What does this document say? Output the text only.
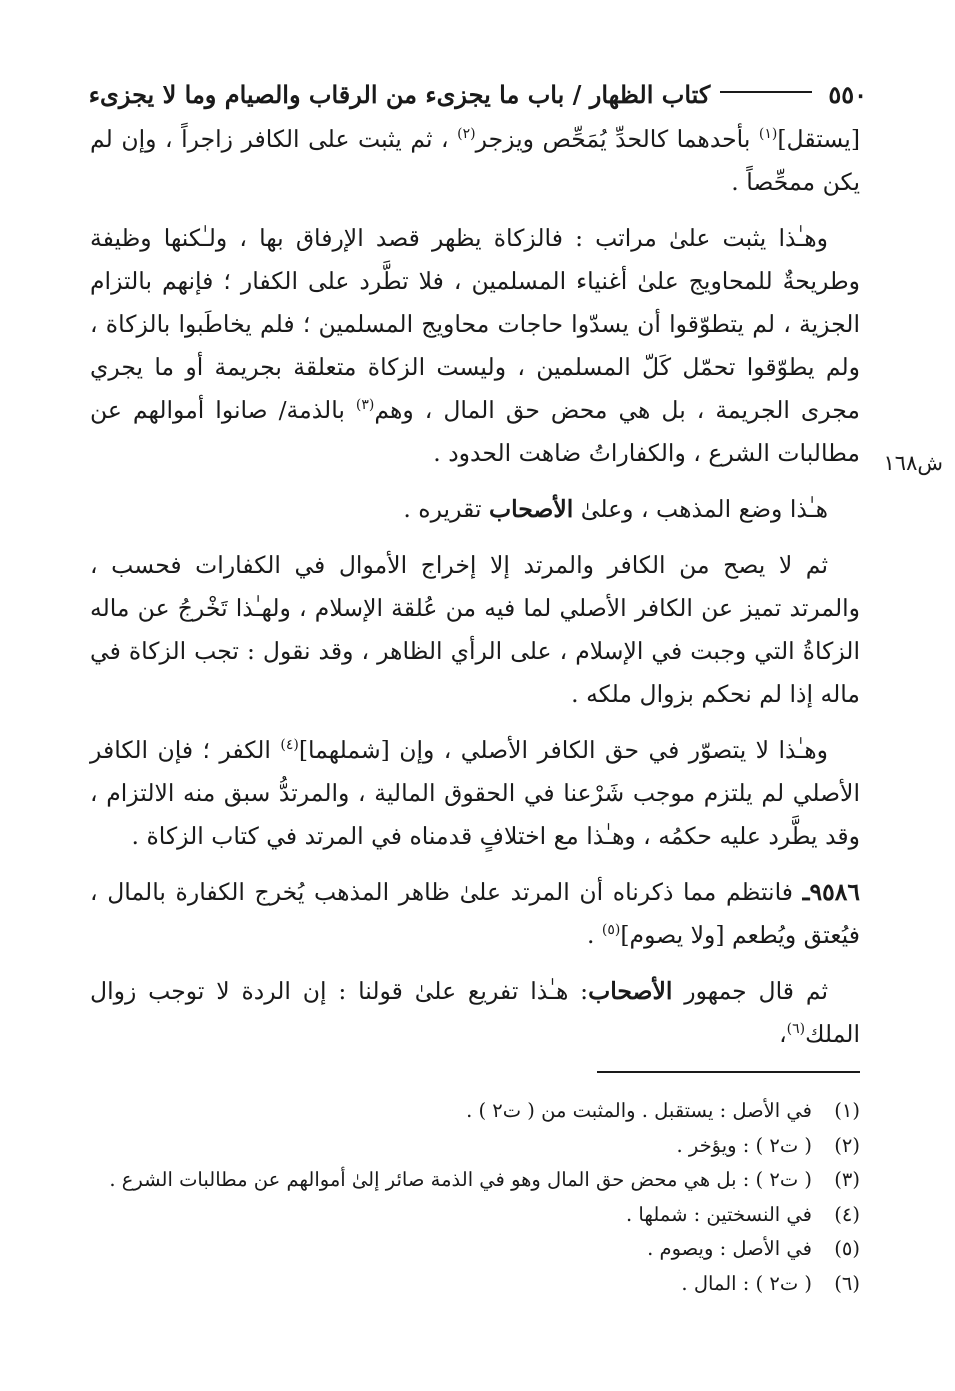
٥٥٠
كتاب الظهار / باب ما يجزىء من الرقاب والصيام وما لا يجزىء
ش١٦٨

[يستقل]$^{(١)}$ بأحدهما كالحدِّ يُمَحِّص ويزجر$^{(٢)}$ ، ثم يثبت على الكافر زاجراً ، وإن لم يكن ممحِّصاً .

وهـٰذا يثبت علىٰ مراتب : فالزكاة يظهر قصد الإرفاق بها ، ولـٰكنها وظيفة وطريحةٌ للمحاويج علىٰ أغنياء المسلمين ، فلا تطَّرد على الكفار ؛ فإنهم بالتزام الجزية ، لم يتطوّقوا أن يسدّوا حاجات محاويج المسلمين ؛ فلم يخاطَبوا بالزكاة ، ولم يطوّقوا تحمّل كَلّ المسلمين ، وليست الزكاة متعلقة بجريمة أو ما يجري مجرى الجريمة ، بل هي محض حق المال ، وهم$^{(٣)}$ بالذمة/ صانوا أموالهم عن مطالبات الشرع ، والكفاراتُ ضاهت الحدود .

هـٰذا وضع المذهب ، وعلىٰ الأصحاب تقريره .

ثم لا يصح من الكافر والمرتد إلا إخراج الأموال في الكفارات فحسب ، والمرتد تميز عن الكافر الأصلي لما فيه من عُلقة الإسلام ، ولهـٰذا تَخْرجُ عن ماله الزكاةُ التي وجبت في الإسلام ، على الرأي الظاهر ، وقد نقول : تجب الزكاة في ماله إذا لم نحكم بزوال ملكه .

وهـٰذا لا يتصوّر في حق الكافر الأصلي ، وإن [شملهما]$^{(٤)}$ الكفر ؛ فإن الكافر الأصلي لم يلتزم موجب شَرْعنا في الحقوق المالية ، والمرتدُّ سبق منه الالتزام ، وقد يطَّرد عليه حكمُه ، وهـٰذا مع اختلافٍ قدمناه في المرتد في كتاب الزكاة .

٩٥٨٦ـ فانتظم مما ذكرناه أن المرتد علىٰ ظاهر المذهب يُخرج الكفارة بالمال ، فيُعتق ويُطعم [ولا يصوم]$^{(٥)}$ .

ثم قال جمهور الأصحاب: هـٰذا تفريع علىٰ قولنا : إن الردة لا توجب زوال الملك$^{(٦)}$،

(١)
في الأصل : يستقبل . والمثبت من ( ت٢ ) .
(٢)
( ت٢ ) : ويؤخر .
(٣)
( ت٢ ) : بل هي محض حق المال وهو في الذمة صائر إلىٰ أموالهم عن مطالبات الشرع .
(٤)
في النسختين : شملها .
(٥)
في الأصل : ويصوم .
(٦)
( ت٢ ) : المال .
